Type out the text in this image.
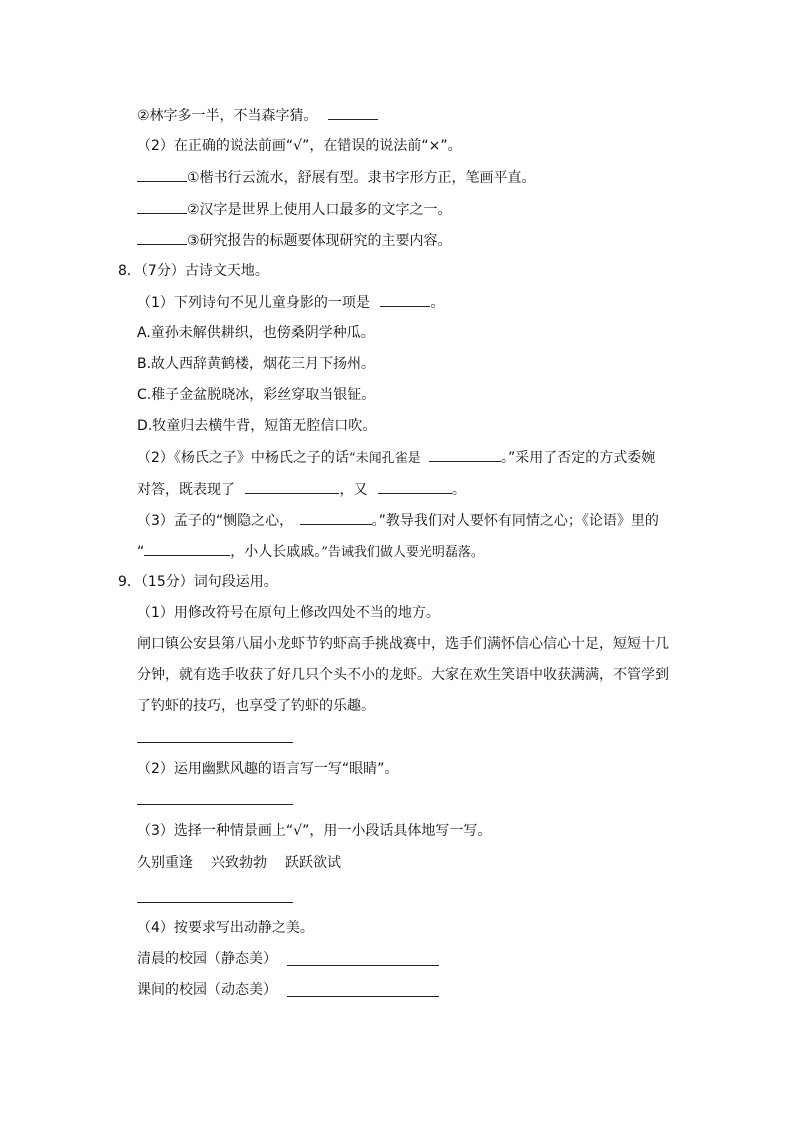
②林字多一半，不当森字猜。
（2）在正确的说法前画“√”，在错误的说法前“×”。
①楷书行云流水，舒展有型。隶书字形方正，笔画平直。
②汉字是世界上使用人口最多的文字之一。
③研究报告的标题要体现研究的主要内容。
8．（7分）古诗文天地。
（1）下列诗句不见儿童身影的一项是	。
A.童孙未解供耕织，也傍桑阴学种瓜。
B.故人西辞黄鹤楼，烟花三月下扬州。
C.稚子金盆脱晓冰，彩丝穿取当银钲。
D.牧童归去横牛背，短笛无腔信口吹。
（2）《杨氏之子》中杨氏之子的话“未闻孔雀是	。”采用了否定的方式委婉
对答，既表现了	，又	。
（3）孟子的“恻隐之心，	。”教导我们对人要怀有同情之心；《论语》里的
“	，小人长戚戚。”告诫我们做人要光明磊落。
9．（15分）词句段运用。
（1）用修改符号在原句上修改四处不当的地方。
闸口镇公安县第八届小龙虾节钓虾高手挑战赛中，选手们满怀信心信心十足，短短十几
分钟，就有选手收获了好几只个头不小的龙虾。大家在欢生笑语中收获满满，不管学到
了钓虾的技巧，也享受了钓虾的乐趣。
（2）运用幽默风趣的语言写一写“眼睛”。
（3）选择一种情景画上“√”，用一小段话具体地写一写。
久别重逢 兴致勃勃 跃跃欲试
（4）按要求写出动静之美。
清晨的校园（静态美）
课间的校园（动态美）
